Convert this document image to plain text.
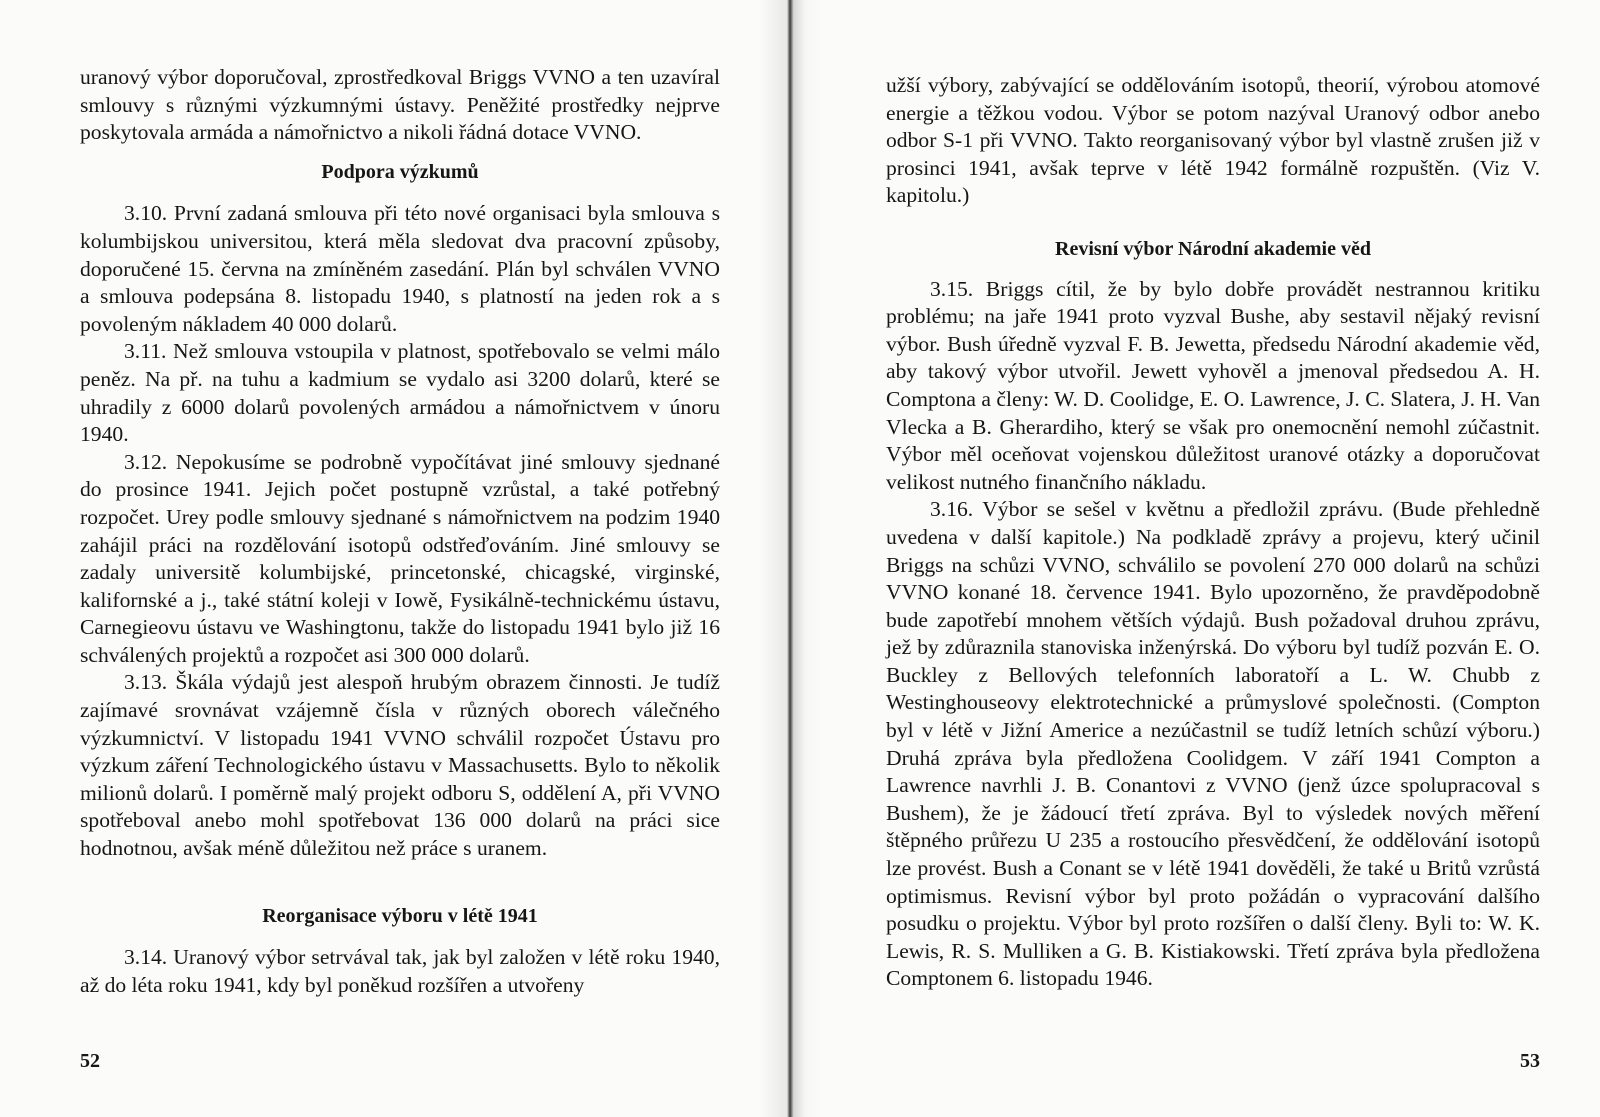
uranový výbor doporučoval, zprostředkoval Briggs VVNO a ten uzavíral smlouvy s různými výzkumnými ústavy. Peněžité prostředky nejprve poskytovala armáda a námořnictvo a nikoli řádná dotace VVNO.

Podpora výzkumů

3.10. První zadaná smlouva při této nové organisaci byla smlouva s kolumbijskou universitou, která měla sledovat dva pracovní způsoby, doporučené 15. června na zmíněném zasedání. Plán byl schválen VVNO a smlouva podepsána 8. listopadu 1940, s platností na jeden rok a s povoleným nákladem 40 000 dolarů.

3.11. Než smlouva vstoupila v platnost, spotřebovalo se velmi málo peněz. Na př. na tuhu a kadmium se vydalo asi 3200 dolarů, které se uhradily z 6000 dolarů povolených armádou a námořnictvem v únoru 1940.

3.12. Nepokusíme se podrobně vypočítávat jiné smlouvy sjednané do prosince 1941. Jejich počet postupně vzrůstal, a také potřebný rozpočet. Urey podle smlouvy sjednané s námořnictvem na podzim 1940 zahájil práci na rozdělování isotopů odstřeďováním. Jiné smlouvy se zadaly universitě kolumbijské, princetonské, chicagské, virginské, kalifornské a j., také státní koleji v Iowě, Fysikálně-technickému ústavu, Carnegieovu ústavu ve Washingtonu, takže do listopadu 1941 bylo již 16 schválených projektů a rozpočet asi 300 000 dolarů.

3.13. Škála výdajů jest alespoň hrubým obrazem činnosti. Je tudíž zajímavé srovnávat vzájemně čísla v různých oborech válečného výzkumnictví. V listopadu 1941 VVNO schválil rozpočet Ústavu pro výzkum záření Technologického ústavu v Massachusetts. Bylo to několik milionů dolarů. I poměrně malý projekt odboru S, oddělení A, při VVNO spotřeboval anebo mohl spotřebovat 136 000 dolarů na práci sice hodnotnou, avšak méně důležitou než práce s uranem.

Reorganisace výboru v létě 1941

3.14. Uranový výbor setrvával tak, jak byl založen v létě roku 1940, až do léta roku 1941, kdy byl poněkud rozšířen a utvořeny

52

užší výbory, zabývající se oddělováním isotopů, theorií, výrobou atomové energie a těžkou vodou. Výbor se potom nazýval Uranový odbor anebo odbor S-1 při VVNO. Takto reorganisovaný výbor byl vlastně zrušen již v prosinci 1941, avšak teprve v létě 1942 formálně rozpuštěn. (Viz V. kapitolu.)

Revisní výbor Národní akademie věd

3.15. Briggs cítil, že by bylo dobře provádět nestrannou kritiku problému; na jaře 1941 proto vyzval Bushe, aby sestavil nějaký revisní výbor. Bush úředně vyzval F. B. Jewetta, předsedu Národní akademie věd, aby takový výbor utvořil. Jewett vyhověl a jmenoval předsedou A. H. Comptona a členy: W. D. Coolidge, E. O. Lawrence, J. C. Slatera, J. H. Van Vlecka a B. Gherardiho, který se však pro onemocnění nemohl zúčastnit. Výbor měl oceňovat vojenskou důležitost uranové otázky a doporučovat velikost nutného finančního nákladu.

3.16. Výbor se sešel v květnu a předložil zprávu. (Bude přehledně uvedena v další kapitole.) Na podkladě zprávy a projevu, který učinil Briggs na schůzi VVNO, schválilo se povolení 270 000 dolarů na schůzi VVNO konané 18. července 1941. Bylo upozorněno, že pravděpodobně bude zapotřebí mnohem větších výdajů. Bush požadoval druhou zprávu, jež by zdůraznila stanoviska inženýrská. Do výboru byl tudíž pozván E. O. Buckley z Bellových telefonních laboratoří a L. W. Chubb z Westinghouseovy elektrotechnické a průmyslové společnosti. (Compton byl v létě v Jižní Americe a nezúčastnil se tudíž letních schůzí výboru.) Druhá zpráva byla předložena Coolidgem. V září 1941 Compton a Lawrence navrhli J. B. Conantovi z VVNO (jenž úzce spolupracoval s Bushem), že je žádoucí třetí zpráva. Byl to výsledek nových měření štěpného průřezu U 235 a rostoucího přesvědčení, že oddělování isotopů lze provést. Bush a Conant se v létě 1941 dověděli, že také u Britů vzrůstá optimismus. Revisní výbor byl proto požádán o vypracování dalšího posudku o projektu. Výbor byl proto rozšířen o další členy. Byli to: W. K. Lewis, R. S. Mulliken a G. B. Kistiakowski. Třetí zpráva byla předložena Comptonem 6. listopadu 1946.

53
